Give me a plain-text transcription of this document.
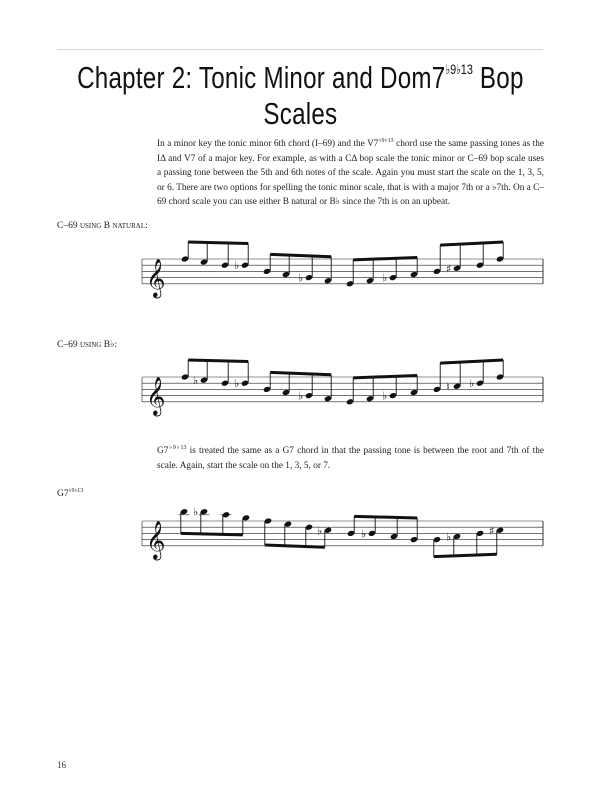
Chapter 2: Tonic Minor and $Dom7^{♭9♭13}$ Bop Scales

In a minor key the tonic minor 6th chord (I–69) and the $V7^{♭9♭13}$ chord use the same passing tones as the IΔ and V7 of a major key. For example, as with a CΔ bop scale the tonic minor or C–69 bop scale uses a passing tone between the 5th and 6th notes of the scale. Again you must start the scale on the 1, 3, 5, or 6. There are two options for spelling the tonic minor scale, that is with a major 7th or a ♭7th. On a C–69 chord scale you can use either B natural or B♭ since the 7th is on an upbeat.

C–69 using B natural:

C–69 using B♭:

$G7^{♭9♭13}$ is treated the same as a G7 chord in that the passing tone is between the root and 7th of the scale. Again, start the scale on the 1, 3, 5, or 7.

$G7^{♭9♭13}$

𝄞	♭
♭	♭
♯
𝄞 ♭	♭
♭	♭
♮ ♭
𝄞
♭
♭	♭	♭	♯
16
